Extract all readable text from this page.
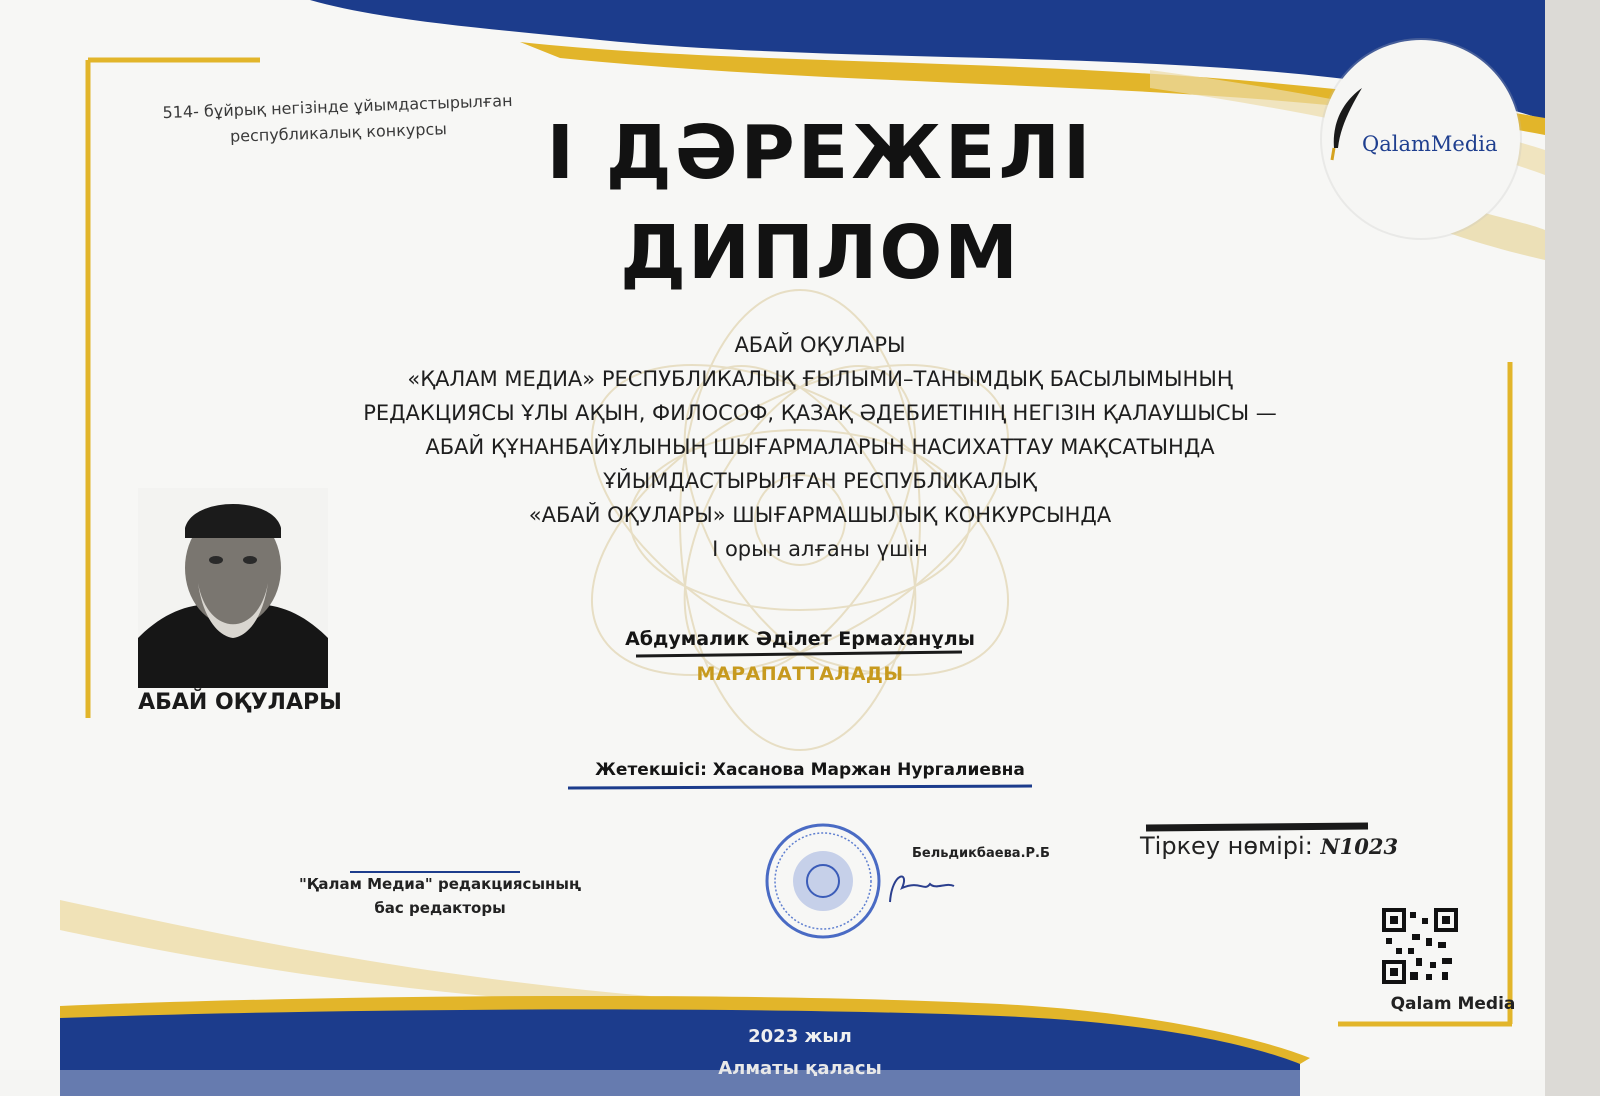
QalamMedia
514- бұйрық негізінде ұйымдастырылған
республикалық конкурсы	І ДӘРЕЖЕЛІ
ДИПЛОМ
АБАЙ ОҚУЛАРЫ
«ҚАЛАМ МЕДИА» РЕСПУБЛИКАЛЫҚ ҒЫЛЫМИ–ТАНЫМДЫҚ БАСЫЛЫМЫНЫҢ
РЕДАКЦИЯСЫ ҰЛЫ АҚЫН, ФИЛОСОФ, ҚАЗАҚ ӘДЕБИЕТІНІҢ НЕГІЗІН ҚАЛАУШЫСЫ —
АБАЙ ҚҰНАНБАЙҰЛЫНЫҢ ШЫҒАРМАЛАРЫН НАСИХАТТАУ МАҚСАТЫНДА
ҰЙЫМДАСТЫРЫЛҒАН РЕСПУБЛИКАЛЫҚ
«АБАЙ ОҚУЛАРЫ» ШЫҒАРМАШЫЛЫҚ КОНКУРСЫНДА
І орын алғаны үшін
АБАЙ ОҚУЛАРЫ
Абдумалик Әділет Ермаханұлы
МАРАПАТТАЛАДЫ
Жетекшісі: Хасанова Маржан Нургалиевна
"Қалам Медиа" редакциясының
бас редакторы
Бельдикбаева.Р.Б	Тіркеу нөмірі: N1023
Qalam Media
2023 жыл
Алматы қаласы
